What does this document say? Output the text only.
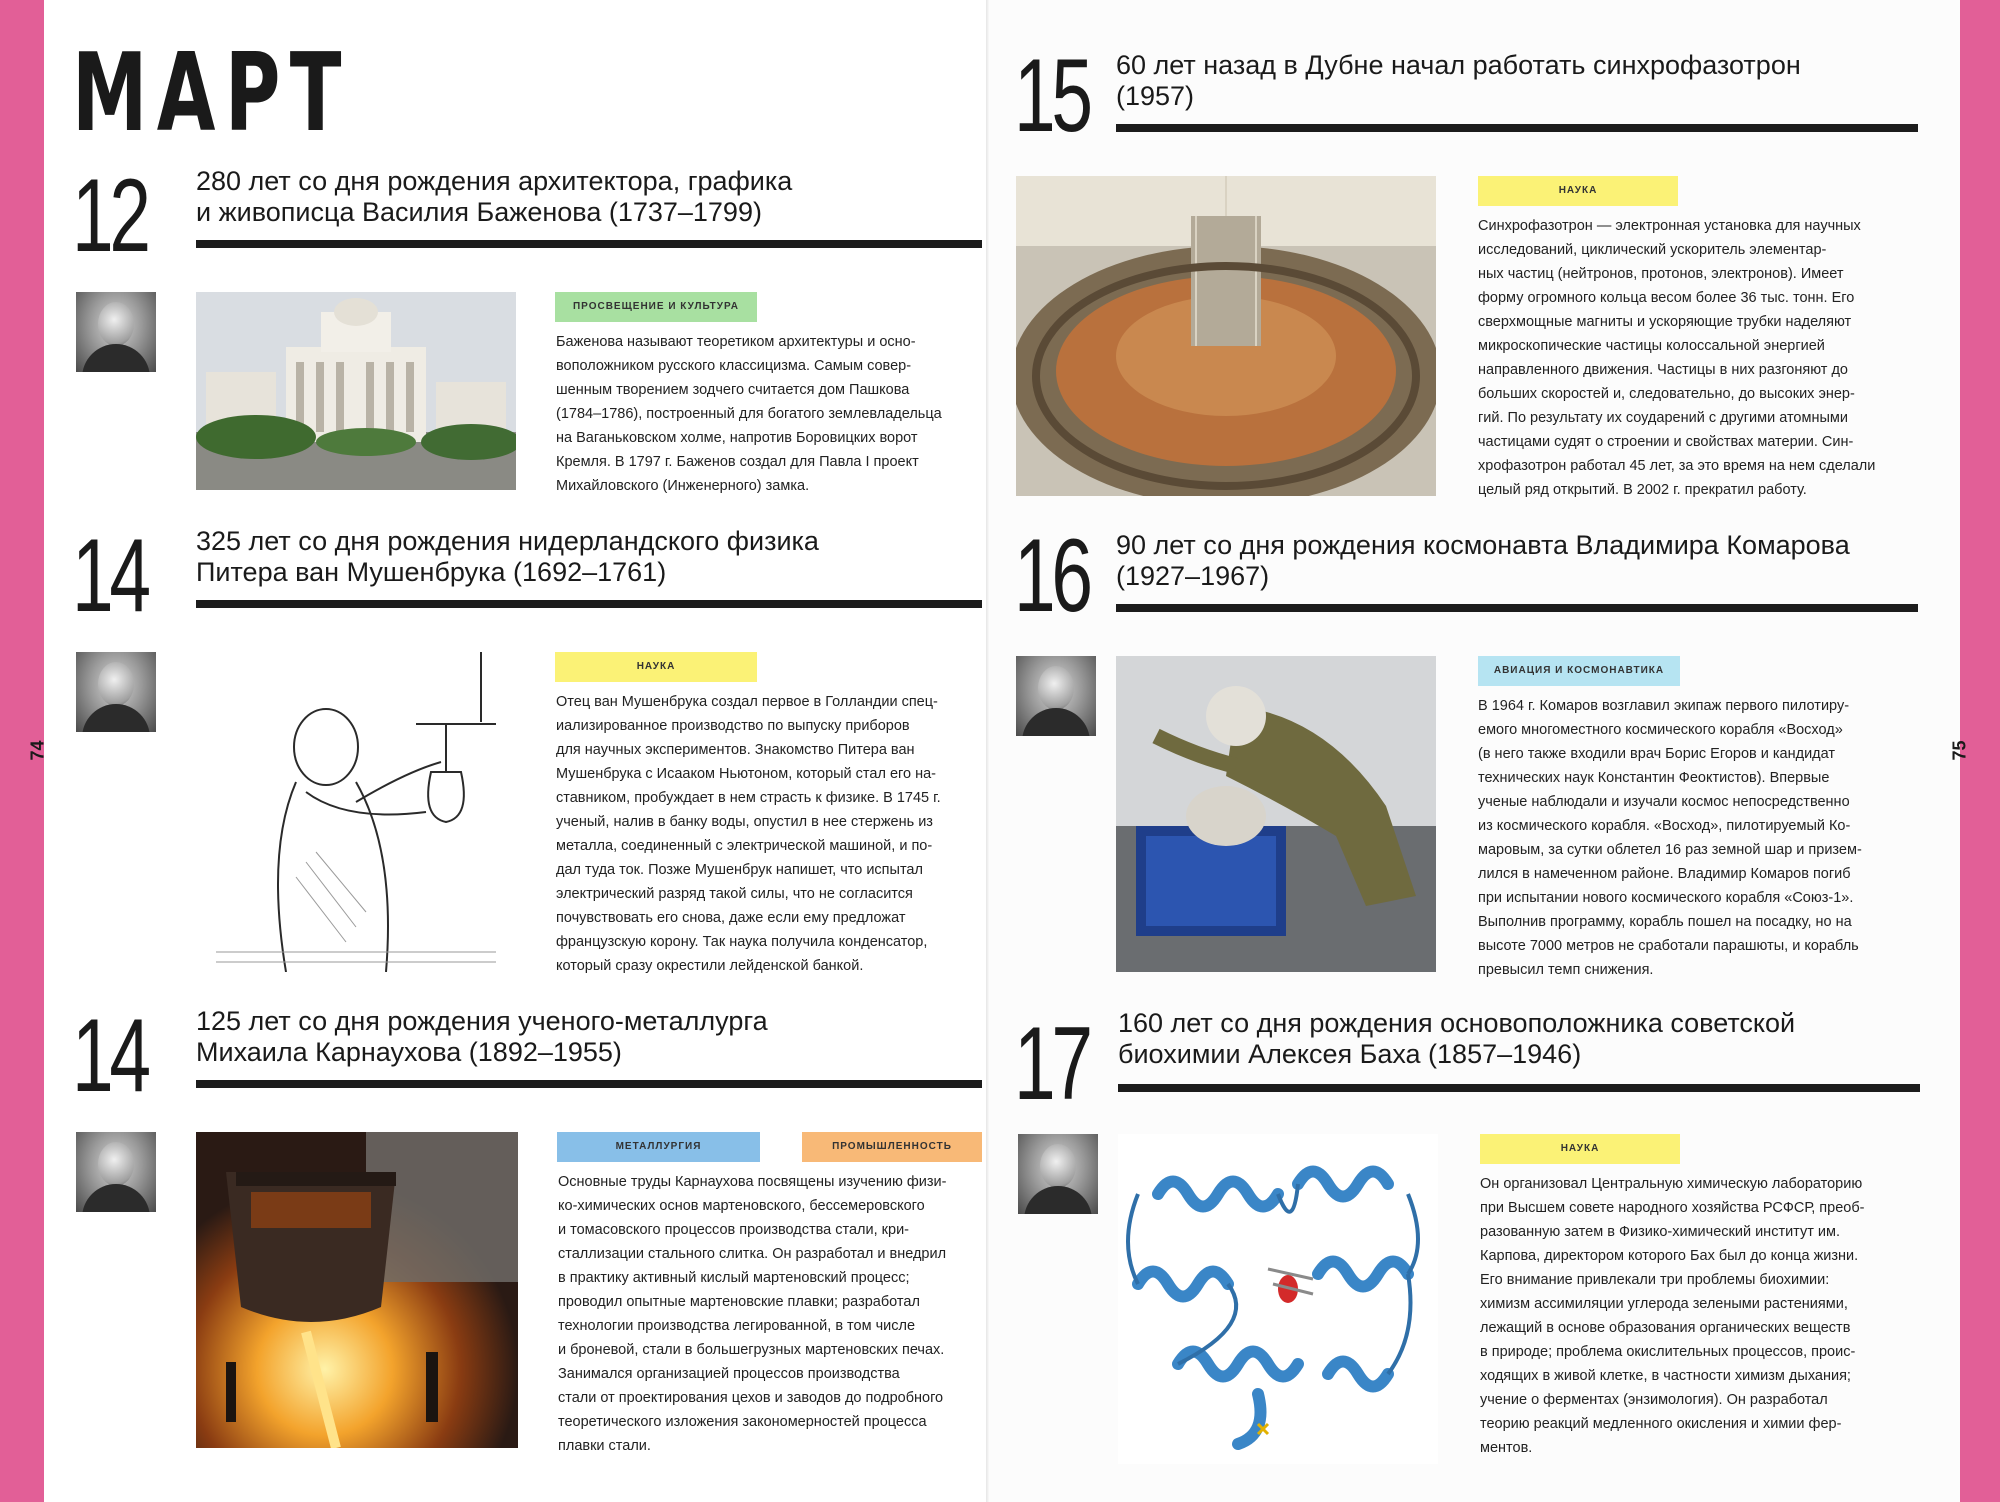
МАРТ
12 280 лет со дня рождения архитектора, графика
и живописца Василия Баженова (1737–1799)
ПРОСВЕЩЕНИЕ И КУЛЬТУРА

Баженова называют теоретиком архитектуры и осно-
воположником русского классицизма. Самым совер-
шенным творением зодчего считается дом Пашкова
(1784–1786), построенный для богатого землевладельца
на Ваганьковском холме, напротив Боровицких ворот
Кремля. В 1797 г. Баженов создал для Павла I проект
Михайловского (Инженерного) замка.

14 325 лет со дня рождения нидерландского физика
Питера ван Мушенбрука (1692–1761)
НАУКА

Отец ван Мушенбрука создал первое в Голландии спец-
иализированное производство по выпуску приборов
для научных экспериментов. Знакомство Питера ван
Мушенбрука с Исааком Ньютоном, который стал его на-
ставником, пробуждает в нем страсть к физике. В 1745 г.
ученый, налив в банку воды, опустил в нее стержень из
металла, соединенный с электрической машиной, и по-
дал туда ток. Позже Мушенбрук напишет, что испытал
электрический разряд такой силы, что не согласится
почувствовать его снова, даже если ему предложат
французскую корону. Так наука получила конденсатор,
который сразу окрестили лейденской банкой.

14 125 лет со дня рождения ученого-металлурга
Михаила Карнаухова (1892–1955)
МЕТАЛЛУРГИЯ	ПРОМЫШЛЕННОСТЬ

Основные труды Карнаухова посвящены изучению физи-
ко-химических основ мартеновского, бессемеровского
и томасовского процессов производства стали, кри-
сталлизации стального слитка. Он разработал и внедрил
в практику активный кислый мартеновский процесс;
проводил опытные мартеновские плавки; разработал
технологии производства легированной, в том числе
и броневой, стали в большегрузных мартеновских печах.
Занимался организацией процессов производства
стали от проектирования цехов и заводов до подробного
теоретического изложения закономерностей процесса
плавки стали.

15 60 лет назад в Дубне начал работать синхрофазотрон
(1957)
НАУКА

Синхрофазотрон — электронная установка для научных
исследований, циклический ускоритель элементар-
ных частиц (нейтронов, протонов, электронов). Имеет
форму огромного кольца весом более 36 тыс. тонн. Его
сверхмощные магниты и ускоряющие трубки наделяют
микроскопические частицы колоссальной энергией
направленного движения. Частицы в них разгоняют до
больших скоростей и, следовательно, до высоких энер-
гий. По результату их соударений с другими атомными
частицами судят о строении и свойствах материи. Син-
хрофазотрон работал 45 лет, за это время на нем сделали
целый ряд открытий. В 2002 г. прекратил работу.

16 90 лет со дня рождения космонавта Владимира Комарова
(1927–1967)
АВИАЦИЯ И КОСМОНАВТИКА

В 1964 г. Комаров возглавил экипаж первого пилотиру-
емого многоместного космического корабля «Восход»
(в него также входили врач Борис Егоров и кандидат
технических наук Константин Феоктистов). Впервые
ученые наблюдали и изучали космос непосредственно
из космического корабля. «Восход», пилотируемый Ко-
маровым, за сутки облетел 16 раз земной шар и призем-
лился в намеченном районе. Владимир Комаров погиб
при испытании нового космического корабля «Союз-1».
Выполнив программу, корабль пошел на посадку, но на
высоте 7000 метров не сработали парашюты, и корабль
превысил темп снижения.

17 160 лет со дня рождения основоположника советской
биохимии Алексея Баха (1857–1946)
НАУКА

Он организовал Центральную химическую лабораторию
при Высшем совете народного хозяйства РСФСР, преоб-
разованную затем в Физико-химический институт им.
Карпова, директором которого Бах был до конца жизни.
Его внимание привлекали три проблемы биохимии:
химизм ассимиляции углерода зелеными растениями,
лежащий в основе образования органических веществ
в природе; проблема окислительных процессов, проис-
ходящих в живой клетке, в частности химизм дыхания;
учение о ферментах (энзимология). Он разработал
теорию реакций медленного окисления и химии фер-
ментов.

74	75
